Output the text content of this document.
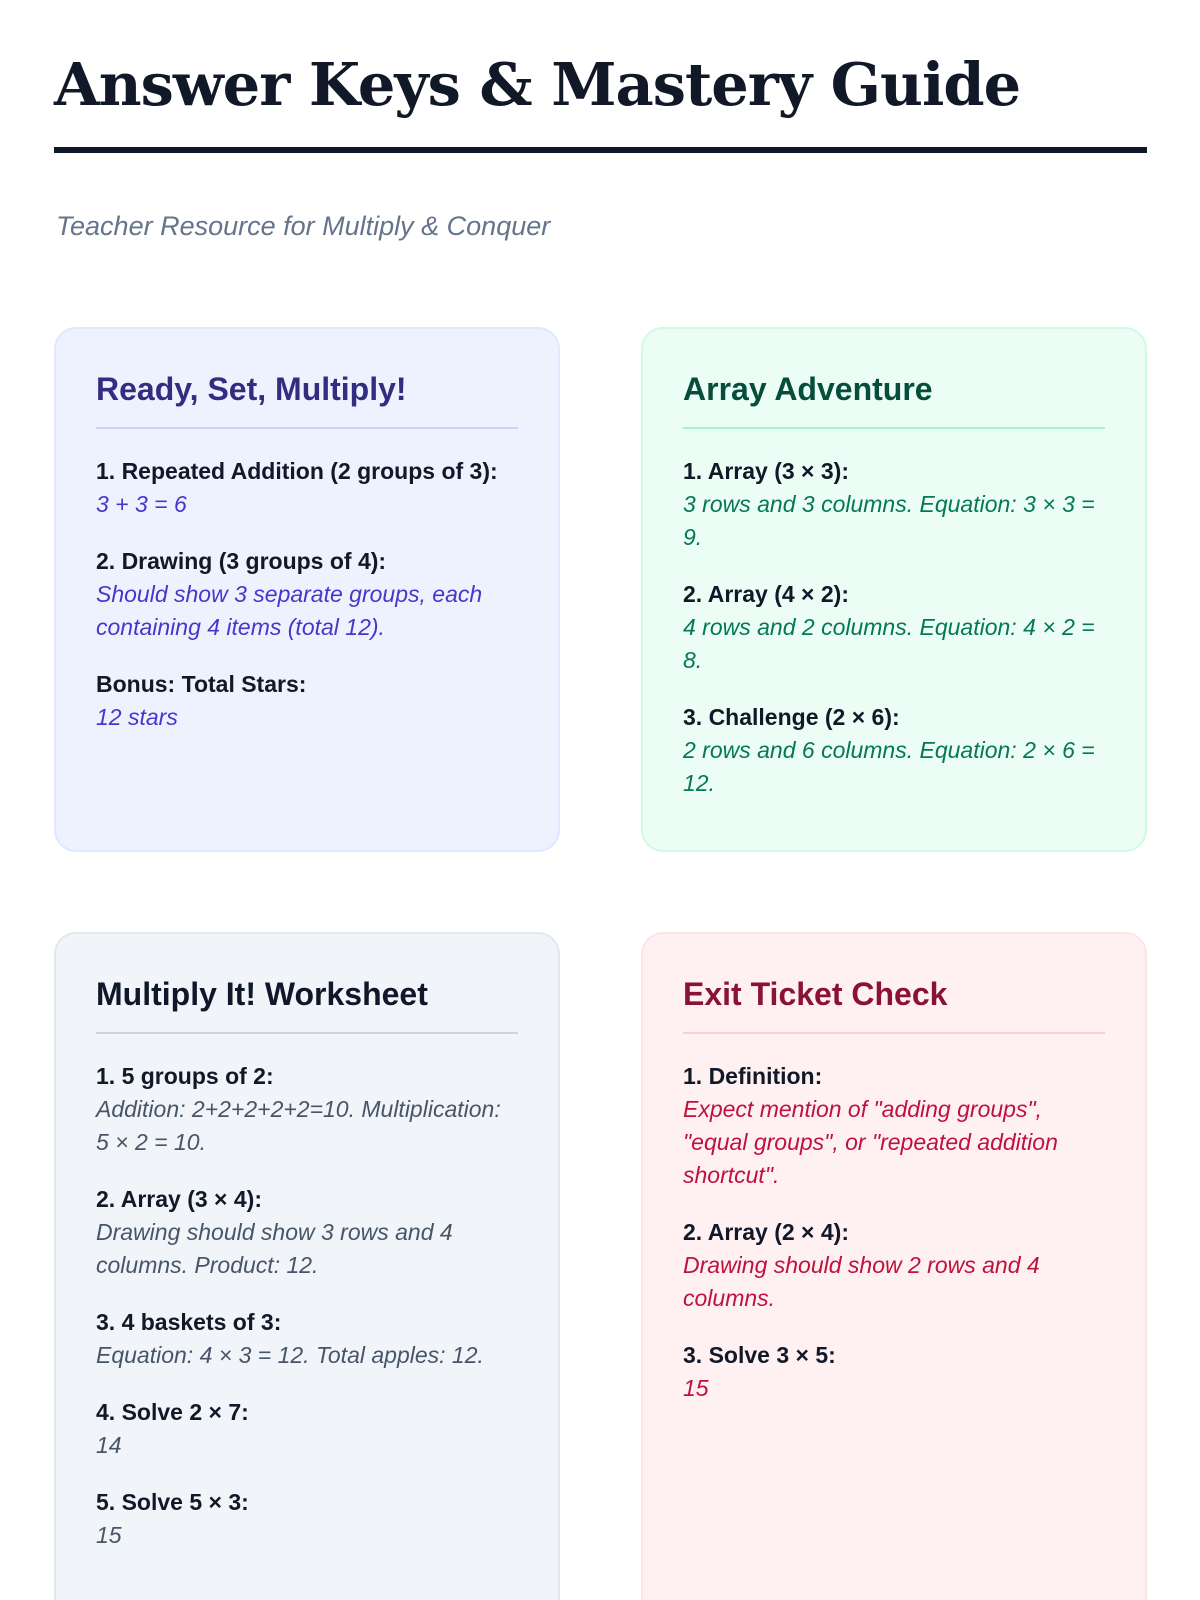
Answer Keys & Mastery Guide

Teacher Resource for Multiply & Conquer

Ready, Set, Multiply!
1. Repeated Addition (2 groups of 3):
3 + 3 = 6
2. Drawing (3 groups of 4):
Should show 3 separate groups, each containing 4 items (total 12).
Bonus: Total Stars:
12 stars
Array Adventure
1. Array (3 × 3):
3 rows and 3 columns. Equation: 3 × 3 = 9.
2. Array (4 × 2):
4 rows and 2 columns. Equation: 4 × 2 = 8.
3. Challenge (2 × 6):
2 rows and 6 columns. Equation: 2 × 6 = 12.
Multiply It! Worksheet
1. 5 groups of 2:
Addition: 2+2+2+2+2=10. Multiplication: 5 × 2 = 10.
2. Array (3 × 4):
Drawing should show 3 rows and 4 columns. Product: 12.
3. 4 baskets of 3:
Equation: 4 × 3 = 12. Total apples: 12.
4. Solve 2 × 7:
14
5. Solve 5 × 3:
15
Exit Ticket Check
1. Definition:
Expect mention of "adding groups", "equal groups", or "repeated addition shortcut".
2. Array (2 × 4):
Drawing should show 2 rows and 4 columns.
3. Solve 3 × 5:
15
